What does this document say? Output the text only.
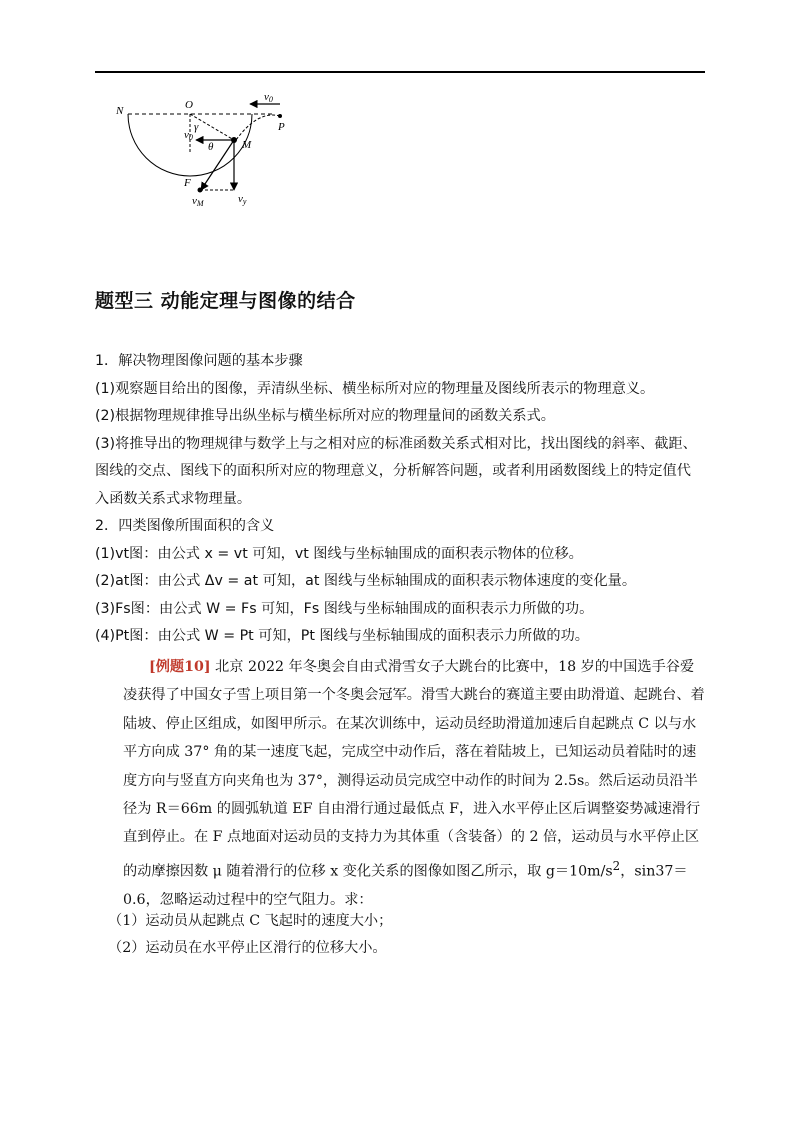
N	O
v0
P
v0
γ
θ	M
F
vM	vy
题型三 动能定理与图像的结合

1．解决物理图像问题的基本步骤

(1)观察题目给出的图像，弄清纵坐标、横坐标所对应的物理量及图线所表示的物理意义。

(2)根据物理规律推导出纵坐标与横坐标所对应的物理量间的函数关系式。

(3)将推导出的物理规律与数学上与之相对应的标准函数关系式相对比，找出图线的斜率、截距、图线的交点、图线下的面积所对应的物理意义，分析解答问题，或者利用函数图线上的特定值代入函数关系式求物理量。

2．四类图像所围面积的含义

(1)vt图：由公式 x = vt 可知，vt 图线与坐标轴围成的面积表示物体的位移。

(2)at图：由公式 Δv = at 可知，at 图线与坐标轴围成的面积表示物体速度的变化量。

(3)Fs图：由公式 W = Fs 可知，Fs 图线与坐标轴围成的面积表示力所做的功。

(4)Pt图：由公式 W = Pt 可知，Pt 图线与坐标轴围成的面积表示力所做的功。

[例题10] 北京 2022 年冬奥会自由式滑雪女子大跳台的比赛中，18 岁的中国选手谷爱凌获得了中国女子雪上项目第一个冬奥会冠军。滑雪大跳台的赛道主要由助滑道、起跳台、着陆坡、停止区组成，如图甲所示。在某次训练中，运动员经助滑道加速后自起跳点 C 以与水平方向成 37° 角的某一速度飞起，完成空中动作后，落在着陆坡上，已知运动员着陆时的速度方向与竖直方向夹角也为 37°，测得运动员完成空中动作的时间为 2.5s。然后运动员沿半径为 R＝66m 的圆弧轨道 EF 自由滑行通过最低点 F，进入水平停止区后调整姿势减速滑行直到停止。在 F 点地面对运动员的支持力为其体重（含装备）的 2 倍，运动员与水平停止区的动摩擦因数 μ 随着滑行的位移 x 变化关系的图像如图乙所示，取 $g=10m/s^2$，sin37＝0.6，忽略运动过程中的空气阻力。求：

（1）运动员从起跳点 C 飞起时的速度大小；

（2）运动员在水平停止区滑行的位移大小。
